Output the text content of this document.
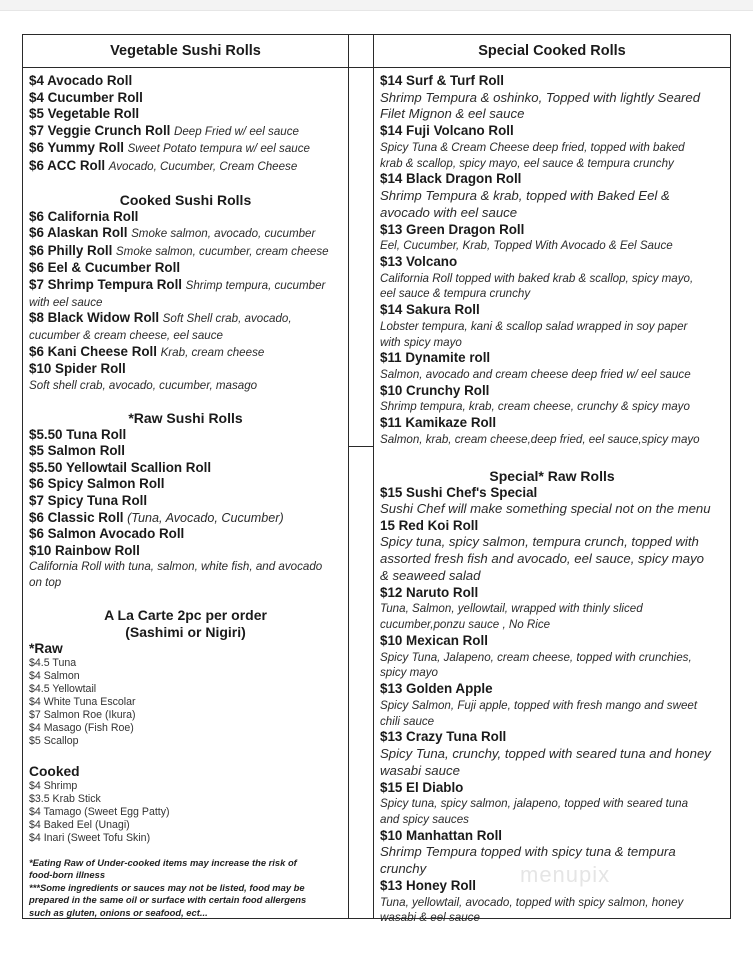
Vegetable Sushi Rolls
$4 Avocado Roll
$4 Cucumber Roll
$5 Vegetable Roll
$7 Veggie Crunch Roll Deep Fried w/ eel sauce
$6 Yummy Roll Sweet Potato tempura w/ eel sauce
$6 ACC Roll Avocado, Cucumber, Cream Cheese
Cooked Sushi Rolls
$6 California Roll
$6 Alaskan Roll Smoke salmon, avocado, cucumber
$6 Philly Roll Smoke salmon, cucumber, cream cheese
$6 Eel & Cucumber Roll
$7 Shrimp Tempura Roll Shrimp tempura, cucumber
with eel sauce
$8 Black Widow Roll Soft Shell crab, avocado,
cucumber & cream cheese, eel sauce
$6 Kani Cheese Roll Krab, cream cheese
$10 Spider Roll
Soft shell crab, avocado, cucumber, masago
*Raw Sushi Rolls
$5.50 Tuna Roll
$5 Salmon Roll
$5.50 Yellowtail Scallion Roll
$6 Spicy Salmon Roll
$7 Spicy Tuna Roll
$6 Classic Roll (Tuna, Avocado, Cucumber)
$6 Salmon Avocado Roll
$10 Rainbow Roll
California Roll with tuna, salmon, white fish, and avocado
on top
A La Carte 2pc per order
(Sashimi or Nigiri)
*Raw
$4.5 Tuna
$4 Salmon
$4.5 Yellowtail
$4 White Tuna Escolar
$7 Salmon Roe (Ikura)
$4 Masago (Fish Roe)
$5 Scallop
Cooked
$4 Shrimp
$3.5 Krab Stick
$4 Tamago (Sweet Egg Patty)
$4 Baked Eel (Unagi)
$4 Inari (Sweet Tofu Skin)
*Eating Raw of Under-cooked items may increase the risk of
food-born illness
***Some ingredients or sauces may not be listed, food may be
prepared in the same oil or surface with certain food allergens
such as gluten, onions or seafood, ect...
Special Cooked Rolls
$14 Surf & Turf Roll
Shrimp Tempura & oshinko, Topped with lightly Seared
Filet Mignon & eel sauce
$14 Fuji Volcano Roll
Spicy Tuna & Cream Cheese deep fried, topped with baked
krab & scallop, spicy mayo, eel sauce & tempura crunchy
$14 Black Dragon Roll
Shrimp Tempura & krab, topped with Baked Eel &
avocado with eel sauce
$13 Green Dragon Roll
Eel, Cucumber, Krab, Topped With Avocado & Eel Sauce
$13 Volcano
California Roll topped with baked krab & scallop, spicy mayo,
eel sauce & tempura crunchy
$14 Sakura Roll
Lobster tempura, kani & scallop salad wrapped in soy paper
with spicy mayo
$11 Dynamite roll
Salmon, avocado and cream cheese deep fried w/ eel sauce
$10 Crunchy Roll
Shrimp tempura, krab, cream cheese, crunchy & spicy mayo
$11 Kamikaze Roll
Salmon, krab, cream cheese,deep fried, eel sauce,spicy mayo
Special* Raw Rolls
$15 Sushi Chef's Special
Sushi Chef will make something special not on the menu
15 Red Koi Roll
Spicy tuna, spicy salmon, tempura crunch, topped with
assorted fresh fish and avocado, eel sauce, spicy mayo
& seaweed salad
$12 Naruto Roll
Tuna, Salmon, yellowtail, wrapped with thinly sliced
cucumber,ponzu sauce , No Rice
$10 Mexican Roll
Spicy Tuna, Jalapeno, cream cheese, topped with crunchies,
spicy mayo
$13 Golden Apple
Spicy Salmon, Fuji apple, topped with fresh mango and sweet
chili sauce
$13 Crazy Tuna Roll
Spicy Tuna, crunchy, topped with seared tuna and honey
wasabi sauce
$15 El Diablo
Spicy tuna, spicy salmon, jalapeno, topped with seared tuna
and spicy sauces
$10 Manhattan Roll
Shrimp Tempura topped with spicy tuna & tempura
crunchy
$13 Honey Roll
Tuna, yellowtail, avocado, topped with spicy salmon, honey
wasabi & eel sauce
menupix
